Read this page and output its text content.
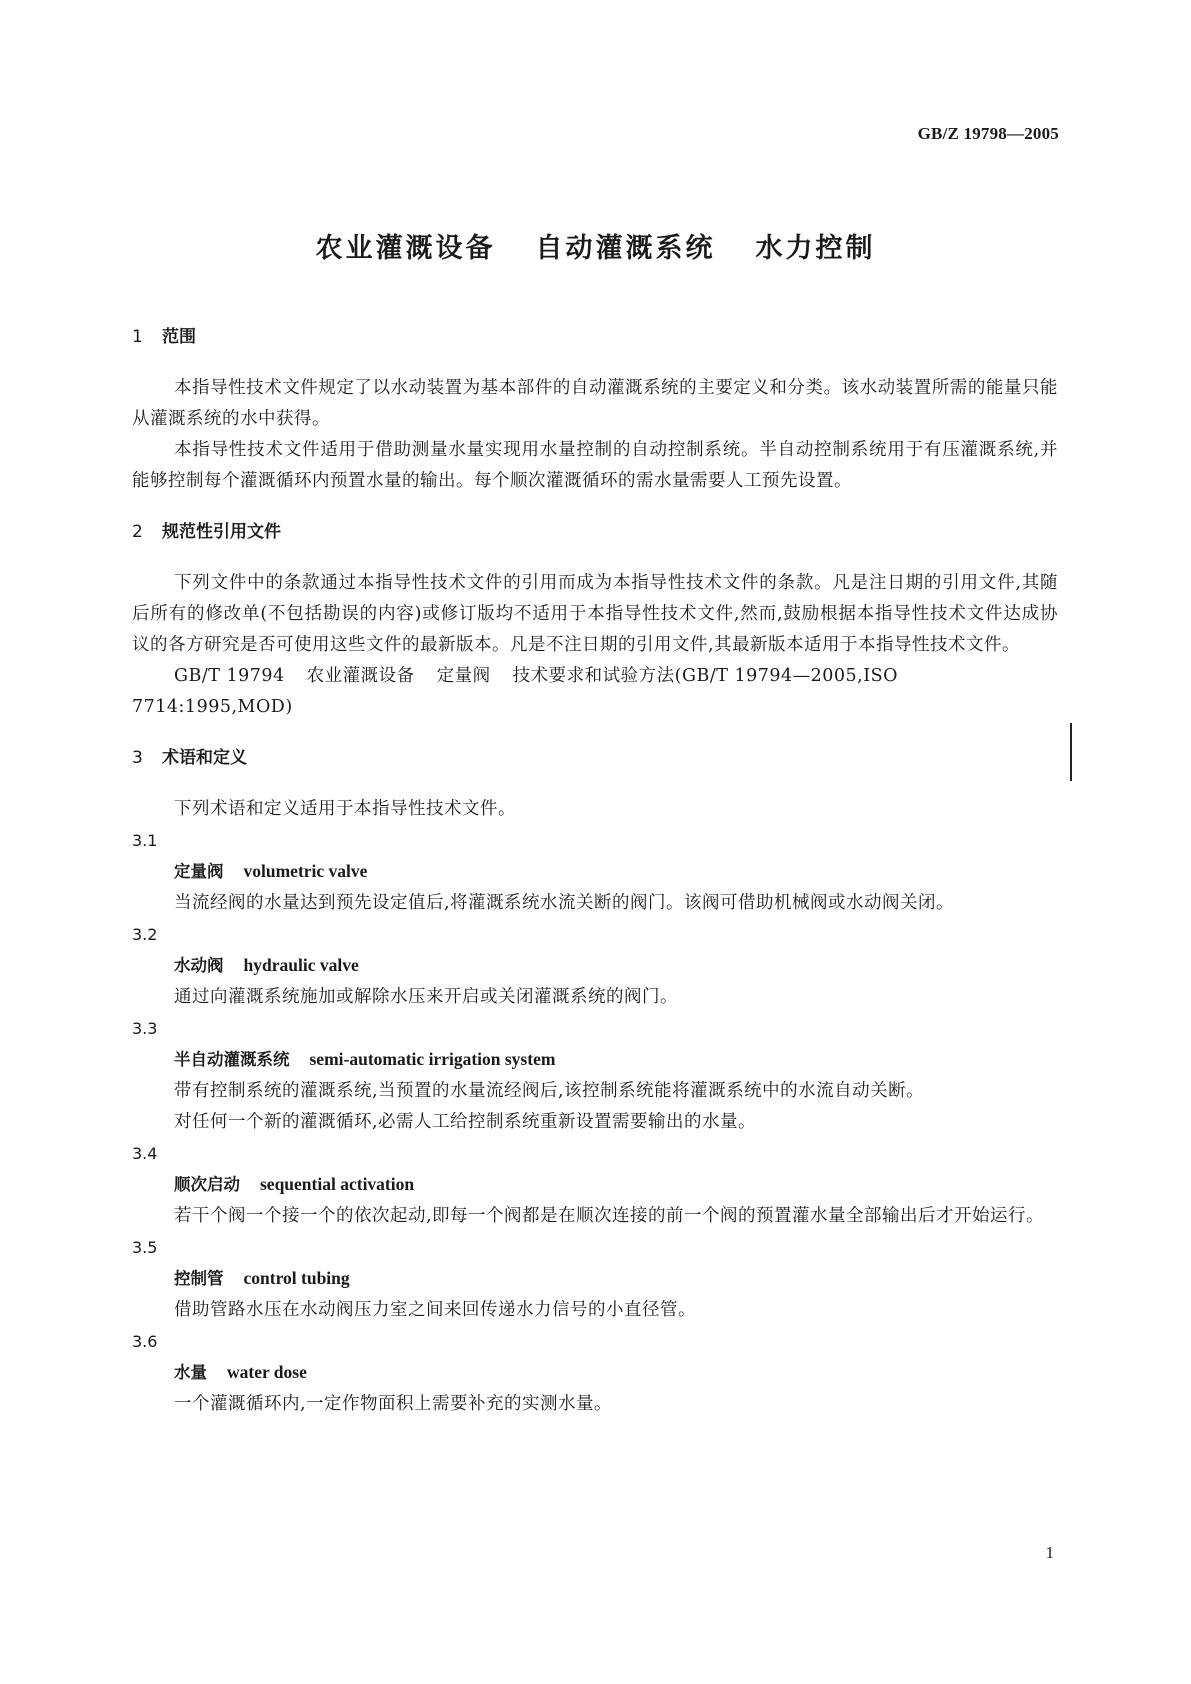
GB/Z 19798—2005
农业灌溉设备 自动灌溉系统 水力控制

1 范围

本指导性技术文件规定了以水动装置为基本部件的自动灌溉系统的主要定义和分类。该水动装置所需的能量只能从灌溉系统的水中获得。

本指导性技术文件适用于借助测量水量实现用水量控制的自动控制系统。半自动控制系统用于有压灌溉系统,并能够控制每个灌溉循环内预置水量的输出。每个顺次灌溉循环的需水量需要人工预先设置。

2 规范性引用文件

下列文件中的条款通过本指导性技术文件的引用而成为本指导性技术文件的条款。凡是注日期的引用文件,其随后所有的修改单(不包括勘误的内容)或修订版均不适用于本指导性技术文件,然而,鼓励根据本指导性技术文件达成协议的各方研究是否可使用这些文件的最新版本。凡是不注日期的引用文件,其最新版本适用于本指导性技术文件。

GB/T 19794 农业灌溉设备 定量阀 技术要求和试验方法(GB/T 19794—2005,ISO 7714:1995,MOD)

3 术语和定义

下列术语和定义适用于本指导性技术文件。

3.1

定量阀 volumetric valve

当流经阀的水量达到预先设定值后,将灌溉系统水流关断的阀门。该阀可借助机械阀或水动阀关闭。

3.2

水动阀 hydraulic valve

通过向灌溉系统施加或解除水压来开启或关闭灌溉系统的阀门。

3.3

半自动灌溉系统 semi-automatic irrigation system

带有控制系统的灌溉系统,当预置的水量流经阀后,该控制系统能将灌溉系统中的水流自动关断。

对任何一个新的灌溉循环,必需人工给控制系统重新设置需要输出的水量。

3.4

顺次启动 sequential activation

若干个阀一个接一个的依次起动,即每一个阀都是在顺次连接的前一个阀的预置灌水量全部输出后才开始运行。

3.5

控制管 control tubing

借助管路水压在水动阀压力室之间来回传递水力信号的小直径管。

3.6

水量 water dose

一个灌溉循环内,一定作物面积上需要补充的实测水量。

1
